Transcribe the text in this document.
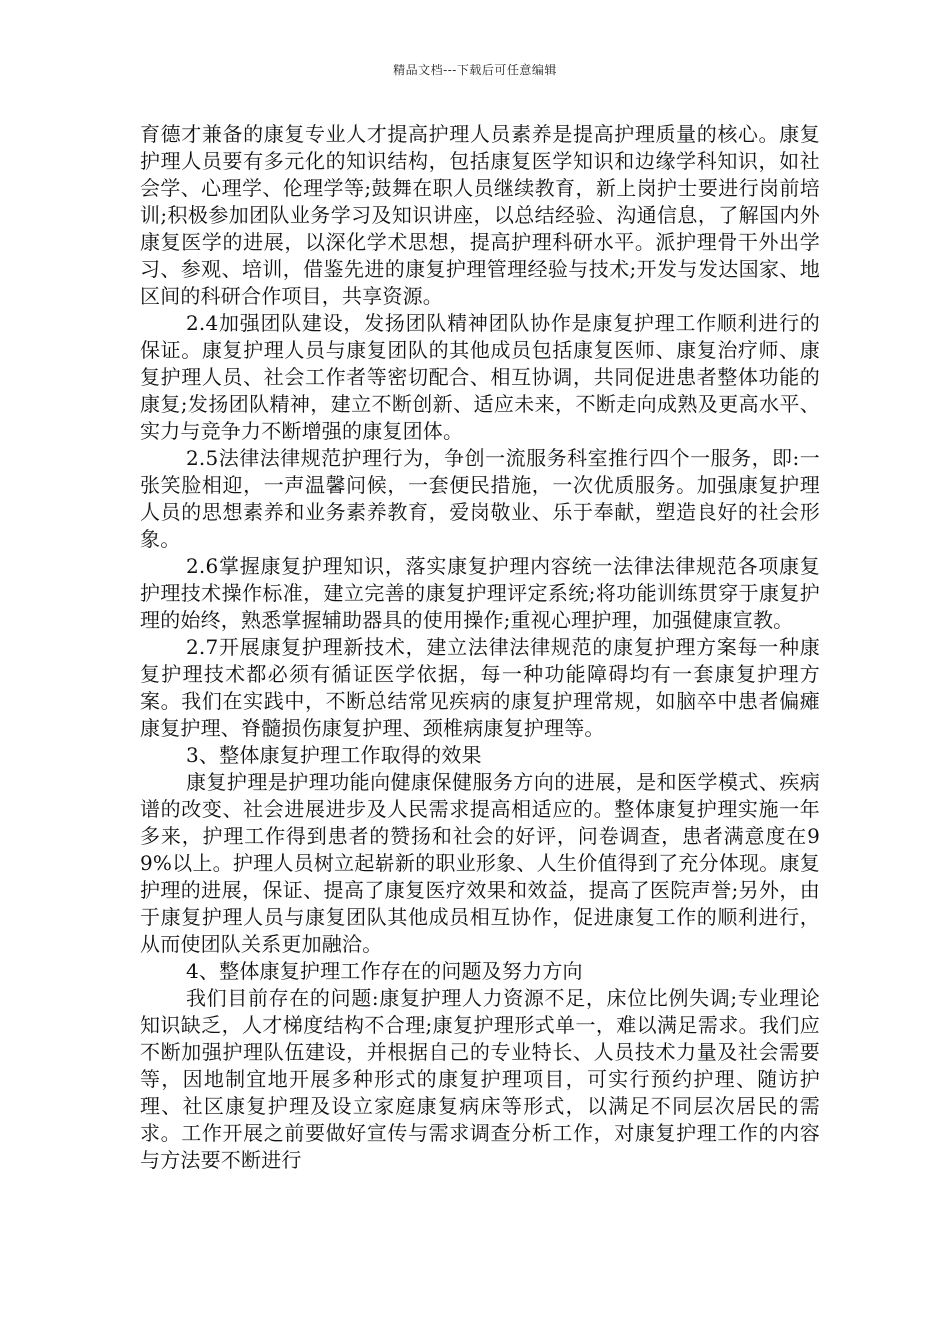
精品文档---下载后可任意编辑

育德才兼备的康复专业人才提高护理人员素养是提高护理质量的核心。康复护理人员要有多元化的知识结构，包括康复医学知识和边缘学科知识，如社会学、心理学、伦理学等;鼓舞在职人员继续教育，新上岗护士要进行岗前培训;积极参加团队业务学习及知识讲座，以总结经验、沟通信息，了解国内外康复医学的进展，以深化学术思想，提高护理科研水平。派护理骨干外出学习、参观、培训，借鉴先进的康复护理管理经验与技术;开发与发达国家、地区间的科研合作项目，共享资源。

2.4加强团队建设，发扬团队精神团队协作是康复护理工作顺利进行的保证。康复护理人员与康复团队的其他成员包括康复医师、康复治疗师、康复护理人员、社会工作者等密切配合、相互协调，共同促进患者整体功能的康复;发扬团队精神，建立不断创新、适应未来，不断走向成熟及更高水平、实力与竞争力不断增强的康复团体。

2.5法律法律规范护理行为，争创一流服务科室推行四个一服务，即:一张笑脸相迎，一声温馨问候，一套便民措施，一次优质服务。加强康复护理人员的思想素养和业务素养教育，爱岗敬业、乐于奉献，塑造良好的社会形象。

2.6掌握康复护理知识，落实康复护理内容统一法律法律规范各项康复护理技术操作标准，建立完善的康复护理评定系统;将功能训练贯穿于康复护理的始终，熟悉掌握辅助器具的使用操作;重视心理护理，加强健康宣教。

2.7开展康复护理新技术，建立法律法律规范的康复护理方案每一种康复护理技术都必须有循证医学依据，每一种功能障碍均有一套康复护理方案。我们在实践中，不断总结常见疾病的康复护理常规，如脑卒中患者偏瘫康复护理、脊髓损伤康复护理、颈椎病康复护理等。

3、整体康复护理工作取得的效果

康复护理是护理功能向健康保健服务方向的进展，是和医学模式、疾病谱的改变、社会进展进步及人民需求提高相适应的。整体康复护理实施一年多来，护理工作得到患者的赞扬和社会的好评，问卷调查，患者满意度在99%以上。护理人员树立起崭新的职业形象、人生价值得到了充分体现。康复护理的进展，保证、提高了康复医疗效果和效益，提高了医院声誉;另外，由于康复护理人员与康复团队其他成员相互协作，促进康复工作的顺利进行，从而使团队关系更加融洽。

4、整体康复护理工作存在的问题及努力方向

我们目前存在的问题:康复护理人力资源不足，床位比例失调;专业理论知识缺乏，人才梯度结构不合理;康复护理形式单一，难以满足需求。我们应不断加强护理队伍建设，并根据自己的专业特长、人员技术力量及社会需要等，因地制宜地开展多种形式的康复护理项目，可实行预约护理、随访护理、社区康复护理及设立家庭康复病床等形式，以满足不同层次居民的需求。工作开展之前要做好宣传与需求调查分析工作，对康复护理工作的内容与方法要不断进行
